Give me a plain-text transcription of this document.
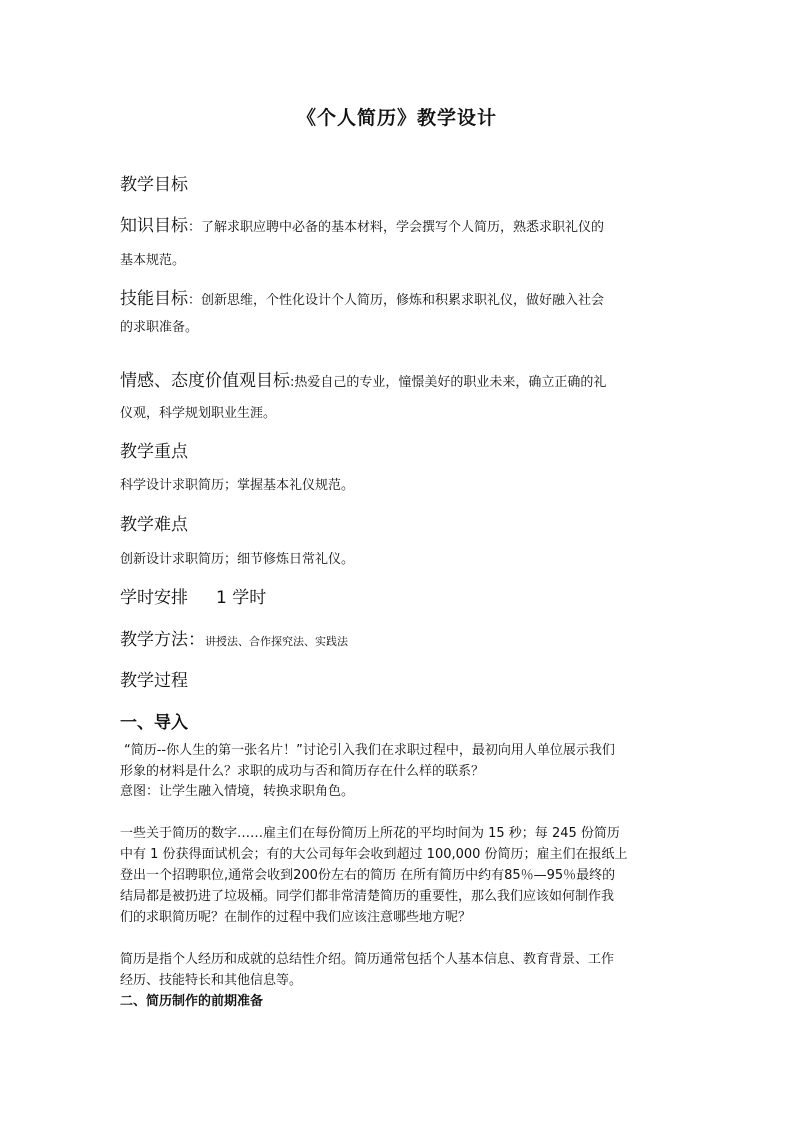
《个人简历》教学设计
教学目标
知识目标：了解求职应聘中必备的基本材料，学会撰写个人简历，熟悉求职礼仪的
基本规范。
技能目标：创新思维，个性化设计个人简历，修炼和积累求职礼仪，做好融入社会
的求职准备。
情感、态度价值观目标:热爱自己的专业，憧憬美好的职业未来，确立正确的礼
仪观，科学规划职业生涯。
教学重点
科学设计求职简历；掌握基本礼仪规范。
教学难点
创新设计求职简历；细节修炼日常礼仪。
学时安排 1 学时
教学方法：讲授法、合作探究法、实践法
教学过程
一、导入
“简历--你人生的第一张名片！”讨论引入我们在求职过程中，最初向用人单位展示我们
形象的材料是什么？求职的成功与否和简历存在什么样的联系？
意图：让学生融入情境，转换求职角色。
一些关于简历的数字……雇主们在每份简历上所花的平均时间为 15 秒；每 245 份简历
中有 1 份获得面试机会；有的大公司每年会收到超过 100,000 份简历；雇主们在报纸上
登出一个招聘职位,通常会收到200份左右的简历 在所有简历中约有85％—95％最终的
结局都是被扔进了垃圾桶。同学们都非常清楚简历的重要性，那么我们应该如何制作我
们的求职简历呢？在制作的过程中我们应该注意哪些地方呢？
简历是指个人经历和成就的总结性介绍。简历通常包括个人基本信息、教育背景、工作
经历、技能特长和其他信息等。
二、简历制作的前期准备
